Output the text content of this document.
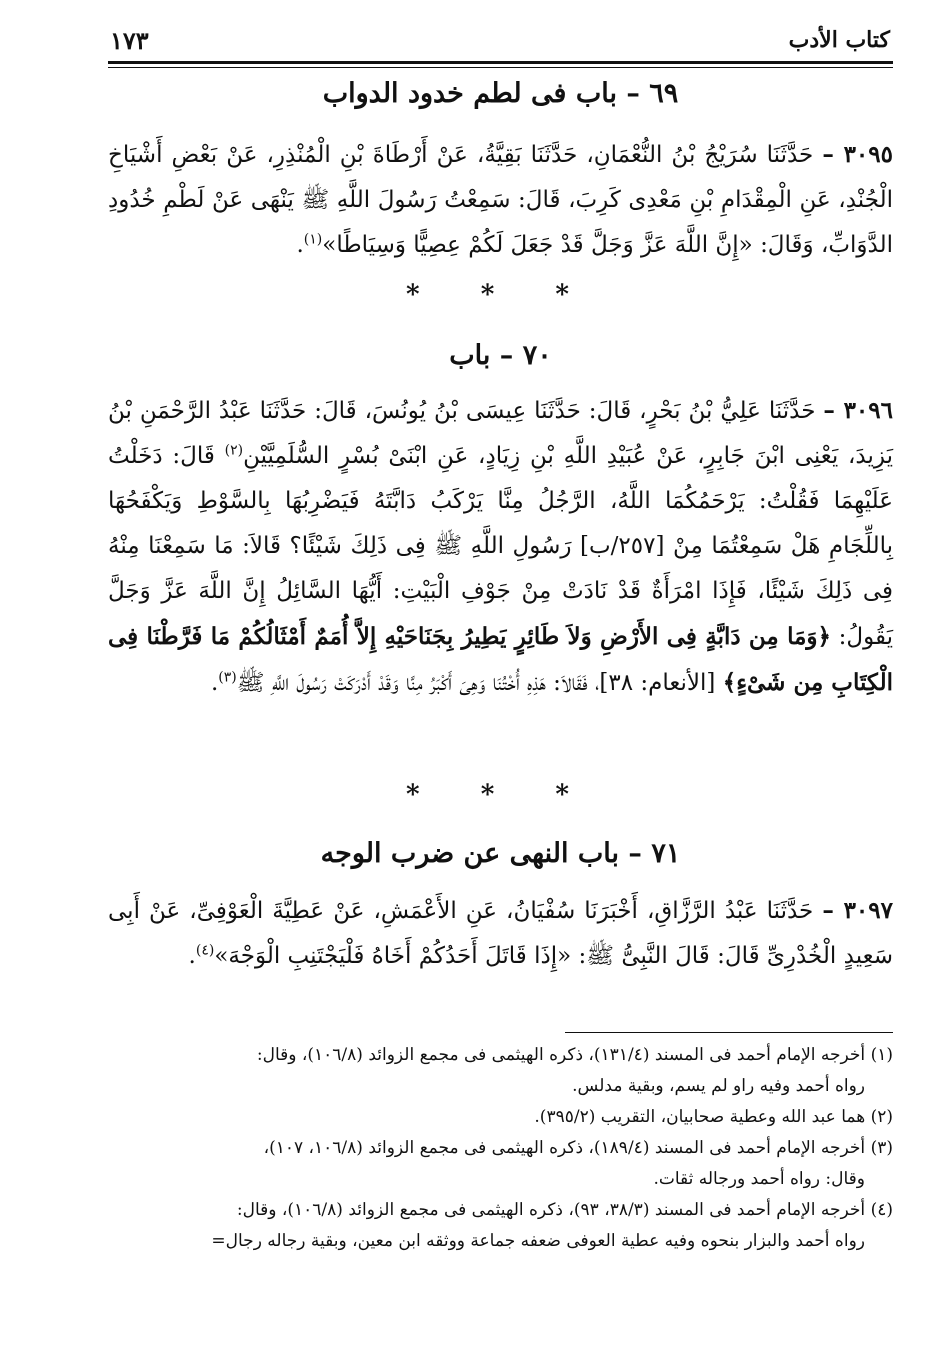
كتاب الأدب
١٧٣
٦٩ – باب فى لطم خدود الدواب

٣٠٩٥ – حَدَّثَنَا سُرَيْجُ بْنُ النُّعْمَانِ، حَدَّثَنَا بَقِيَّةُ، عَنْ أَرْطَاةَ بْنِ الْمُنْذِرِ، عَنْ بَعْضِ أَشْيَاخِ الْجُنْدِ، عَنِ الْمِقْدَامِ بْنِ مَعْدِى كَرِبَ، قَالَ: سَمِعْتُ رَسُولَ اللَّهِ ﷺ يَنْهَى عَنْ لَطْمِ خُدُودِ الدَّوَابِّ، وَقَالَ: «إِنَّ اللَّهَ عَزَّ وَجَلَّ قَدْ جَعَلَ لَكُمْ عِصِيًّا وَسِيَاطًا»$^{(١)}$.

* * *
٧٠ – باب

٣٠٩٦ – حَدَّثَنَا عَلِيُّ بْنُ بَحْرٍ، قَالَ: حَدَّثَنَا عِيسَى بْنُ يُونُسَ، قَالَ: حَدَّثَنَا عَبْدُ الرَّحْمَنِ بْنُ يَزِيدَ، يَعْنِى ابْنَ جَابِرٍ، عَنْ عُبَيْدِ اللَّهِ بْنِ زِيَادٍ، عَنِ ابْنَىْ بُسْرٍ السُّلَمِيَّيْنِ$^{(٢)}$ قَالَ: دَخَلْتُ عَلَيْهِمَا فَقُلْتُ: يَرْحَمُكُمَا اللَّهُ، الرَّجُلُ مِنَّا يَرْكَبُ دَابَّتَهُ فَيَضْرِبُهَا بِالسَّوْطِ وَيَكْفَحُهَا بِاللِّجَامِ هَلْ سَمِعْتُمَا مِنْ [٢٥٧/ب] رَسُولِ اللَّهِ ﷺ فِى ذَلِكَ شَيْئًا؟ قَالاَ: مَا سَمِعْنَا مِنْهُ فِى ذَلِكَ شَيْئًا، فَإِذَا امْرَأَةٌ قَدْ نَادَتْ مِنْ جَوْفِ الْبَيْتِ: أَيُّهَا السَّائِلُ إِنَّ اللَّهَ عَزَّ وَجَلَّ يَقُولُ: ﴿وَمَا مِن دَابَّةٍ فِى الأَرْضِ وَلاَ طَائِرٍ يَطِيرُ بِجَنَاحَيْهِ إِلاَّ أُمَمٌ أَمْثَالُكُمْ مَا فَرَّطْنَا فِى الْكِتَابِ مِن شَىْءٍ﴾ [الأنعام: ٣٨]، فَقَالاَ: هَذِهِ أُخْتُنَا وَهِىَ أَكْبَرُ مِنَّا وَقَدْ أَدْرَكَتْ رَسُولَ اللَّهِ ﷺ$^{(٣)}$.

* * *
٧١ – باب النهى عن ضرب الوجه

٣٠٩٧ – حَدَّثَنَا عَبْدُ الرَّزَّاقِ، أَخْبَرَنَا سُفْيَانُ، عَنِ الأَعْمَشِ، عَنْ عَطِيَّةَ الْعَوْفِىِّ، عَنْ أَبِى سَعِيدٍ الْخُدْرِىِّ قَالَ: قَالَ النَّبِىُّ ﷺ: «إِذَا قَاتَلَ أَحَدُكُمْ أَخَاهُ فَلْيَجْتَنِبِ الْوَجْهَ»$^{(٤)}$.

(١) أخرجه الإمام أحمد فى المسند (١٣١/٤)، ذكره الهيثمى فى مجمع الزوائد (١٠٦/٨)، وقال:
رواه أحمد وفيه راو لم يسم، وبقية مدلس.

(٢) هما عبد الله وعطية صحابيان، التقريب (٣٩٥/٢).

(٣) أخرجه الإمام أحمد فى المسند (١٨٩/٤)، ذكره الهيثمى فى مجمع الزوائد (١٠٦/٨، ١٠٧)،
وقال: رواه أحمد ورجاله ثقات.

(٤) أخرجه الإمام أحمد فى المسند (٣٨/٣، ٩٣)، ذكره الهيثمى فى مجمع الزوائد (١٠٦/٨)، وقال:
رواه أحمد والبزار بنحوه وفيه عطية العوفى ضعفه جماعة ووثقه ابن معين، وبقية رجاله رجال=
